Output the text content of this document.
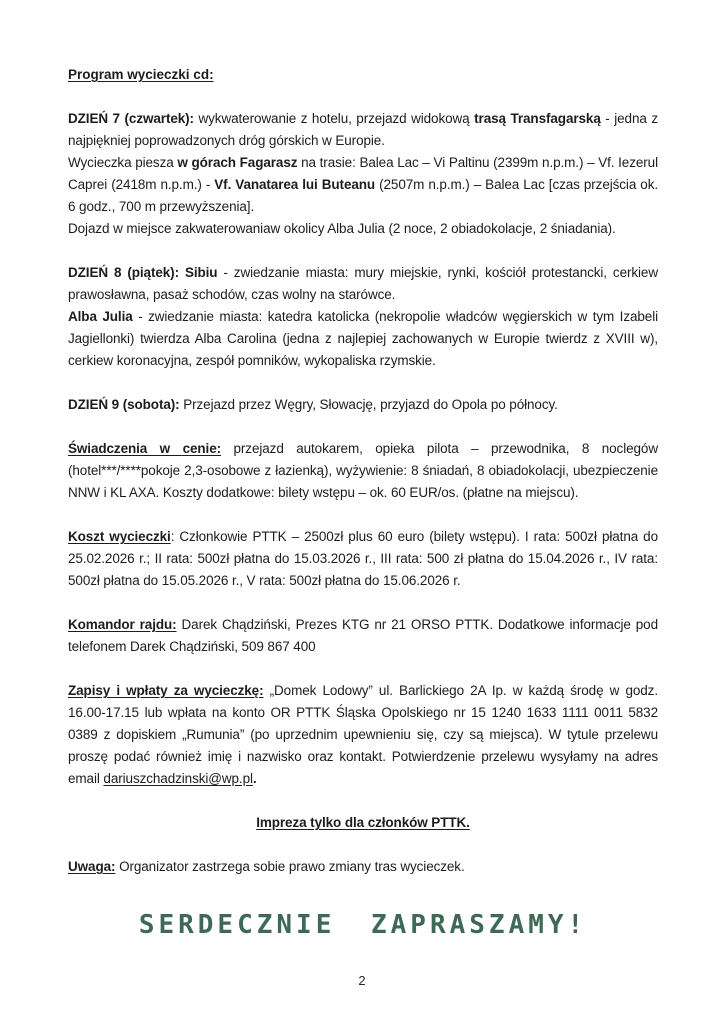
Program wycieczki cd:

DZIEŃ 7 (czwartek): wykwaterowanie z hotelu, przejazd widokową trasą Transfagarską - jedna z najpiękniej poprowadzonych dróg górskich w Europie.

Wycieczka piesza w górach Fagarasz na trasie: Balea Lac – Vi Paltinu (2399m n.p.m.) – Vf. Iezerul Caprei (2418m n.p.m.) - Vf. Vanatarea lui Buteanu (2507m n.p.m.) – Balea Lac [czas przejścia ok. 6 godz., 700 m przewyższenia].

Dojazd w miejsce zakwaterowaniaw okolicy Alba Julia (2 noce, 2 obiadokolacje, 2 śniadania).

DZIEŃ 8 (piątek): Sibiu - zwiedzanie miasta: mury miejskie, rynki, kościół protestancki, cerkiew prawosławna, pasaż schodów, czas wolny na starówce.

Alba Julia - zwiedzanie miasta: katedra katolicka (nekropolie władców węgierskich w tym Izabeli Jagiellonki) twierdza Alba Carolina (jedna z najlepiej zachowanych w Europie twierdz z XVIII w), cerkiew koronacyjna, zespół pomników, wykopaliska rzymskie.

DZIEŃ 9 (sobota): Przejazd przez Węgry, Słowację, przyjazd do Opola po północy.

Świadczenia w cenie: przejazd autokarem, opieka pilota – przewodnika, 8 noclegów (hotel***/****pokoje 2,3-osobowe z łazienką), wyżywienie: 8 śniadań, 8 obiadokolacji, ubezpieczenie NNW i KL AXA. Koszty dodatkowe: bilety wstępu – ok. 60 EUR/os. (płatne na miejscu).

Koszt wycieczki: Członkowie PTTK – 2500zł plus 60 euro (bilety wstępu). I rata: 500zł płatna do 25.02.2026 r.; II rata: 500zł płatna do 15.03.2026 r., III rata: 500 zł płatna do 15.04.2026 r., IV rata: 500zł płatna do 15.05.2026 r., V rata: 500zł płatna do 15.06.2026 r.

Komandor rajdu: Darek Chądziński, Prezes KTG nr 21 ORSO PTTK. Dodatkowe informacje pod telefonem Darek Chądziński, 509 867 400

Zapisy i wpłaty za wycieczkę: „Domek Lodowy” ul. Barlickiego 2A Ip. w każdą środę w godz. 16.00-17.15 lub wpłata na konto OR PTTK Śląska Opolskiego nr 15 1240 1633 1111 0011 5832 0389 z dopiskiem „Rumunia” (po uprzednim upewnieniu się, czy są miejsca). W tytule przelewu proszę podać również imię i nazwisko oraz kontakt. Potwierdzenie przelewu wysyłamy na adres email dariuszchadzinski@wp.pl.

Impreza tylko dla członków PTTK.

Uwaga: Organizator zastrzega sobie prawo zmiany tras wycieczek.

SERDECZNIE ZAPRASZAMY!
2
